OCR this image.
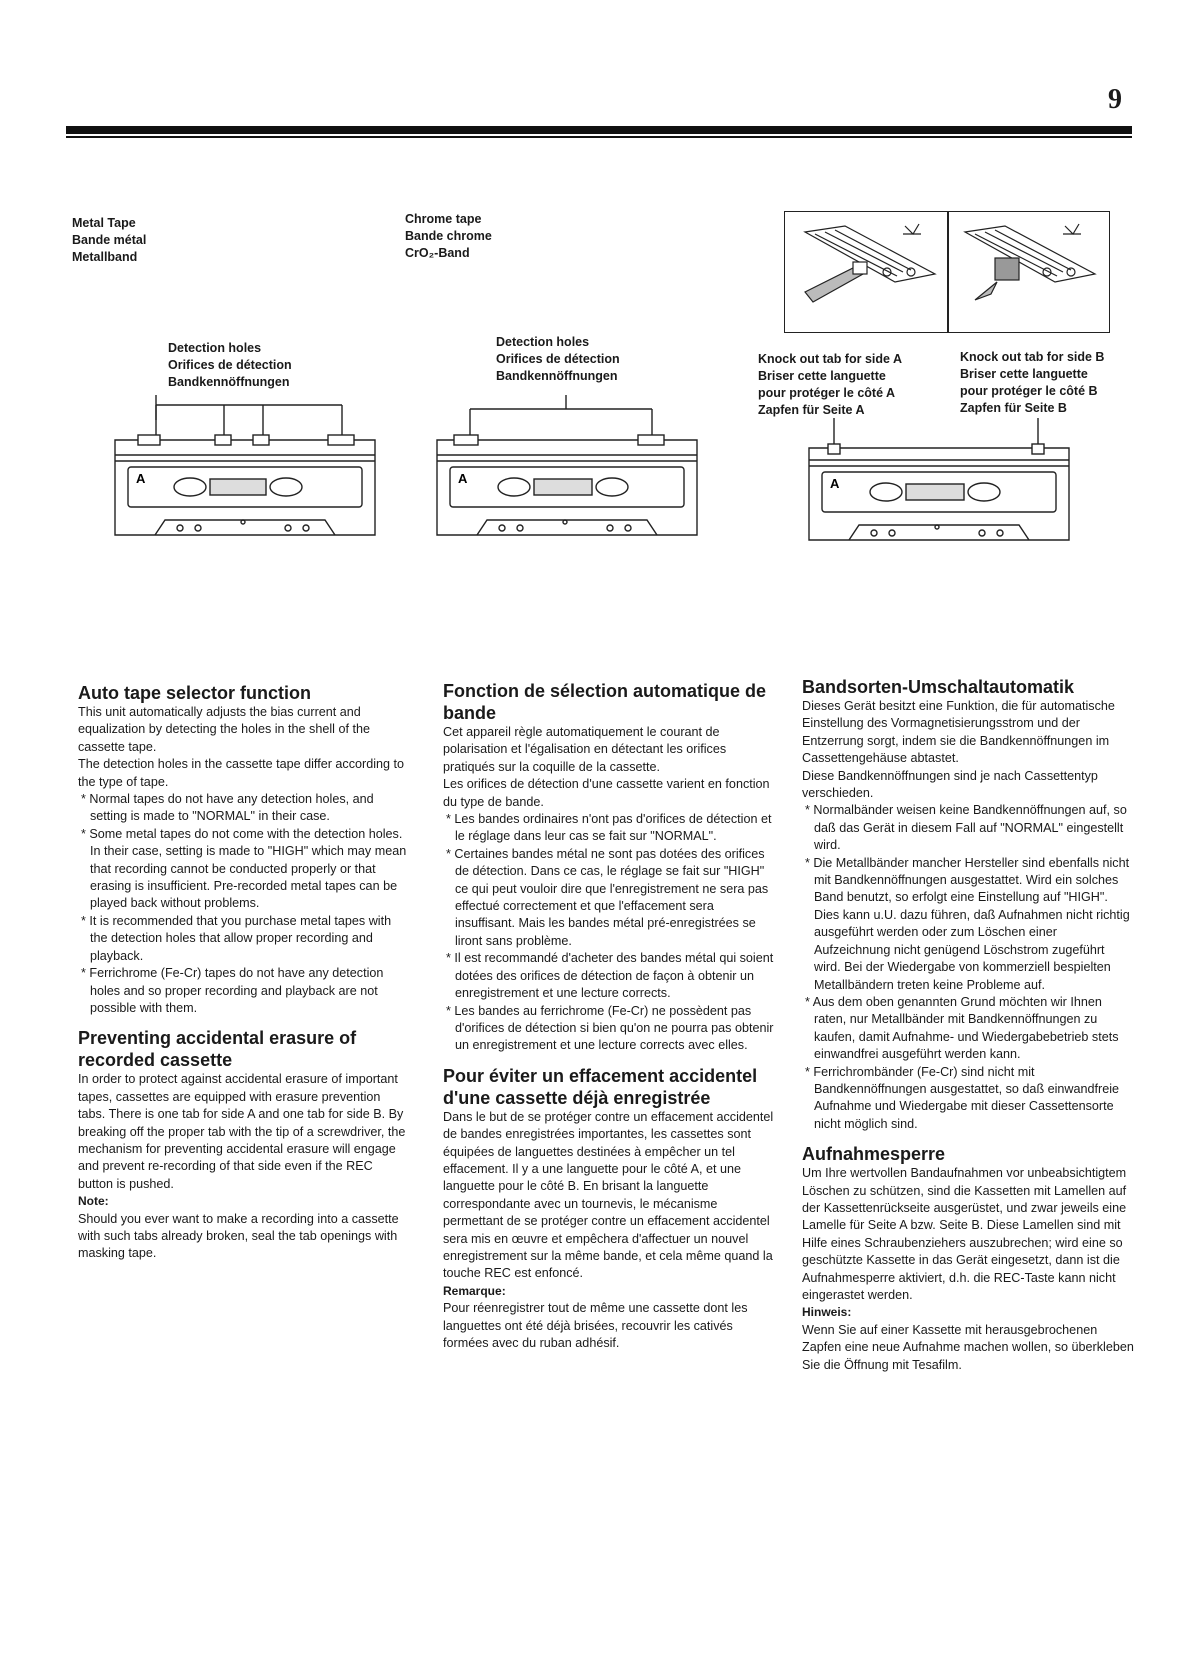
9
Metal Tape
Bande métal
Metallband
Chrome tape
Bande chrome
CrO₂-Band
Detection holes
Orifices de détection
Bandkennöffnungen
Detection holes
Orifices de détection
Bandkennöffnungen
Knock out tab for side A
Briser cette languette
pour protéger le côté A
Zapfen für Seite A
Knock out tab for side B
Briser cette languette
pour protéger le côté B
Zapfen für Seite B
A	A	A
Auto tape selector function

This unit automatically adjusts the bias current and equalization by detecting the holes in the shell of the cassette tape.

The detection holes in the cassette tape differ according to the type of tape.

* Normal tapes do not have any detection holes, and setting is made to "NORMAL" in their case.

* Some metal tapes do not come with the detection holes. In their case, setting is made to "HIGH" which may mean that recording cannot be conducted properly or that erasing is insufficient. Pre-recorded metal tapes can be played back without problems.

* It is recommended that you purchase metal tapes with the detection holes that allow proper recording and playback.

* Ferrichrome (Fe-Cr) tapes do not have any detection holes and so proper recording and playback are not possible with them.

Preventing accidental erasure of recorded cassette

In order to protect against accidental erasure of important tapes, cassettes are equipped with erasure prevention tabs. There is one tab for side A and one tab for side B. By breaking off the proper tab with the tip of a screwdriver, the mechanism for preventing accidental erasure will engage and prevent re-recording of that side even if the REC button is pushed.

Note:

Should you ever want to make a recording into a cassette with such tabs already broken, seal the tab openings with masking tape.

Fonction de sélection automatique de bande

Cet appareil règle automatiquement le courant de polarisation et l'égalisation en détectant les orifices pratiqués sur la coquille de la cassette.

Les orifices de détection d'une cassette varient en fonction du type de bande.

* Les bandes ordinaires n'ont pas d'orifices de détection et le réglage dans leur cas se fait sur "NORMAL".

* Certaines bandes métal ne sont pas dotées des orifices de détection. Dans ce cas, le réglage se fait sur "HIGH" ce qui peut vouloir dire que l'enregistrement ne sera pas effectué correctement et que l'effacement sera insuffisant. Mais les bandes métal pré-enregistrées se liront sans problème.

* Il est recommandé d'acheter des bandes métal qui soient dotées des orifices de détection de façon à obtenir un enregistrement et une lecture corrects.

* Les bandes au ferrichrome (Fe-Cr) ne possèdent pas d'orifices de détection si bien qu'on ne pourra pas obtenir un enregistrement et une lecture corrects avec elles.

Pour éviter un effacement accidentel d'une cassette déjà enregistrée

Dans le but de se protéger contre un effacement accidentel de bandes enregistrées importantes, les cassettes sont équipées de languettes destinées à empêcher un tel effacement. Il y a une languette pour le côté A, et une languette pour le côté B. En brisant la languette correspondante avec un tournevis, le mécanisme permettant de se protéger contre un effacement accidentel sera mis en œuvre et empêchera d'affectuer un nouvel enregistrement sur la même bande, et cela même quand la touche REC est enfoncé.

Remarque:

Pour réenregistrer tout de même une cassette dont les languettes ont été déjà brisées, recouvrir les cativés formées avec du ruban adhésif.

Bandsorten-Umschaltautomatik

Dieses Gerät besitzt eine Funktion, die für automatische Einstellung des Vormagnetisierungsstrom und der Entzerrung sorgt, indem sie die Bandkennöffnungen im Cassettengehäuse abtastet.

Diese Bandkennöffnungen sind je nach Cassettentyp verschieden.

* Normalbänder weisen keine Bandkennöffnungen auf, so daß das Gerät in diesem Fall auf "NORMAL" eingestellt wird.

* Die Metallbänder mancher Hersteller sind ebenfalls nicht mit Bandkennöffnungen ausgestattet. Wird ein solches Band benutzt, so erfolgt eine Einstellung auf "HIGH". Dies kann u.U. dazu führen, daß Aufnahmen nicht richtig ausgeführt werden oder zum Löschen einer Aufzeichnung nicht genügend Löschstrom zugeführt wird. Bei der Wiedergabe von kommerziell bespielten Metallbändern treten keine Probleme auf.

* Aus dem oben genannten Grund möchten wir Ihnen raten, nur Metallbänder mit Bandkennöffnungen zu kaufen, damit Aufnahme- und Wiedergabebetrieb stets einwandfrei ausgeführt werden kann.

* Ferrichrombänder (Fe-Cr) sind nicht mit Bandkennöffnungen ausgestattet, so daß einwandfreie Aufnahme und Wiedergabe mit dieser Cassettensorte nicht möglich sind.

Aufnahmesperre

Um Ihre wertvollen Bandaufnahmen vor unbeabsichtigtem Löschen zu schützen, sind die Kassetten mit Lamellen auf der Kassettenrückseite ausgerüstet, und zwar jeweils eine Lamelle für Seite A bzw. Seite B. Diese Lamellen sind mit Hilfe eines Schraubenziehers auszubrechen; wird eine so geschützte Kassette in das Gerät eingesetzt, dann ist die Aufnahmesperre aktiviert, d.h. die REC-Taste kann nicht eingerastet werden.

Hinweis:

Wenn Sie auf einer Kassette mit herausgebrochenen Zapfen eine neue Aufnahme machen wollen, so überkleben Sie die Öffnung mit Tesafilm.
